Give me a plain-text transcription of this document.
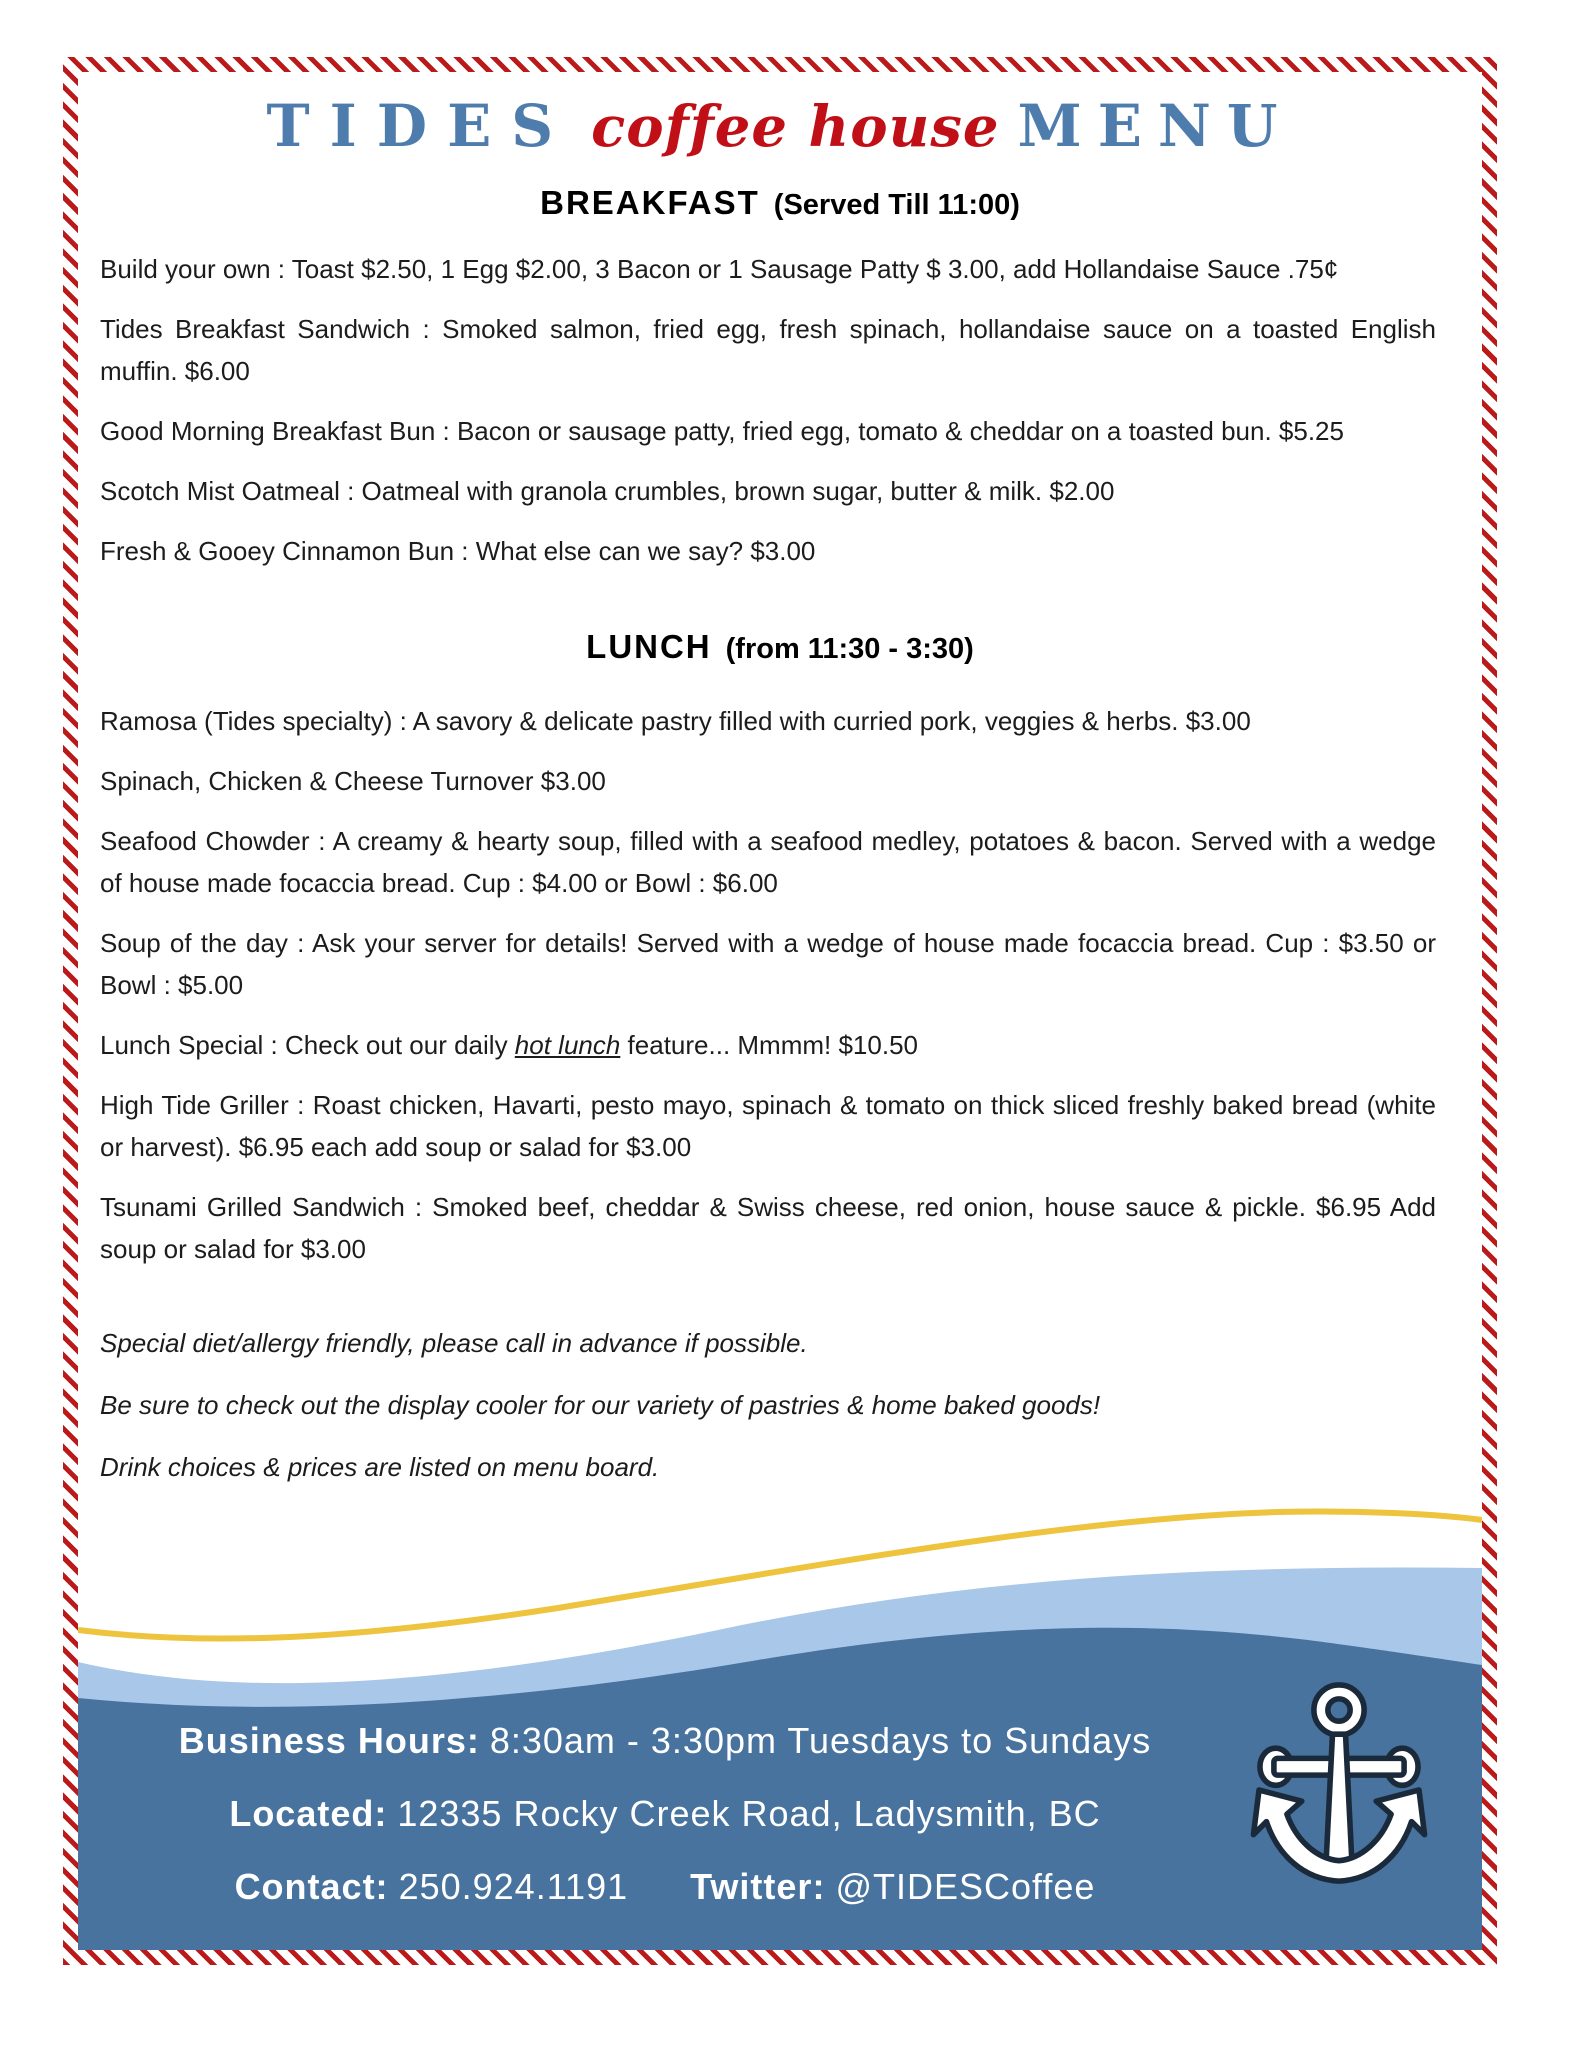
TIDES coffee house MENU
BREAKFAST (Served Till 11:00)

Build your own : Toast $2.50, 1 Egg $2.00, 3 Bacon or 1 Sausage Patty $ 3.00, add Hollandaise Sauce .75¢

Tides Breakfast Sandwich : Smoked salmon, fried egg, fresh spinach, hollandaise sauce on a toasted English muffin. $6.00

Good Morning Breakfast Bun : Bacon or sausage patty, fried egg, tomato & cheddar on a toasted bun. $5.25

Scotch Mist Oatmeal : Oatmeal with granola crumbles, brown sugar, butter & milk. $2.00

Fresh & Gooey Cinnamon Bun : What else can we say? $3.00

LUNCH (from 11:30 - 3:30)

Ramosa (Tides specialty) : A savory & delicate pastry filled with curried pork, veggies & herbs. $3.00

Spinach, Chicken & Cheese Turnover $3.00

Seafood Chowder : A creamy & hearty soup, filled with a seafood medley, potatoes & bacon. Served with a wedge of house made focaccia bread. Cup : $4.00 or Bowl : $6.00

Soup of the day : Ask your server for details! Served with a wedge of house made focaccia bread. Cup : $3.50 or Bowl : $5.00

Lunch Special : Check out our daily hot lunch feature... Mmmm! $10.50

High Tide Griller : Roast chicken, Havarti, pesto mayo, spinach & tomato on thick sliced freshly baked bread (white or harvest). $6.95 each add soup or salad for $3.00

Tsunami Grilled Sandwich : Smoked beef, cheddar & Swiss cheese, red onion, house sauce & pickle. $6.95 Add soup or salad for $3.00

Special diet/allergy friendly, please call in advance if possible.

Be sure to check out the display cooler for our variety of pastries & home baked goods!

Drink choices & prices are listed on menu board.

Business Hours: 8:30am - 3:30pm Tuesdays to Sundays
Located: 12335 Rocky Creek Road, Ladysmith, BC
Contact: 250.924.1191 Twitter: @TIDESCoffee
